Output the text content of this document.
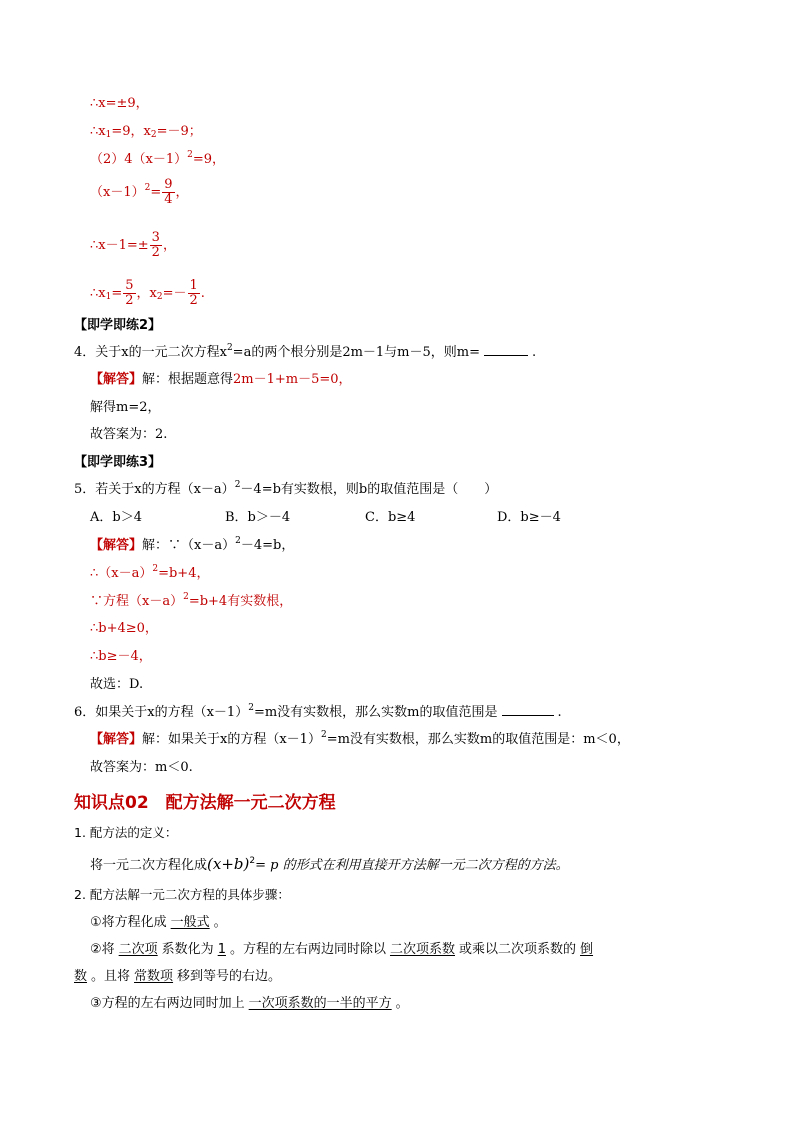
∴x=±9，
$\therefore x_1=9$，$x_2=-9$；
$(2)4(x-1)^2=9$，
$(x-1)^2= \frac{9}{4}$ ，
∴x－1=± $\frac{3}{2}$ ，
$\therefore x_1= \frac{5}{2}$ ，$x_2=- \frac{1}{2}$ .
【即学即练2】
4．关于x的一元二次方程$x^2=a$的两个根分别是2m－1与m－5，则m=	.
【解答】解：根据题意得2m－1+m－5=0，
解得m=2，
故答案为：2.
【即学即练3】
5．若关于x的方程$(x-a)^2-4=b$有实数根，则b的取值范围是（　　）
A．b＞4	B．b＞－4	C．b≥4	D．b≥－4
【解答】解：$\because(x-a)^2-4=b$，
$\therefore(x-a)^2=b+4$，
∵方程$(x-a)^2=b+4$有实数根，
∴b+4≥0，
∴b≥－4，
故选：D.
6．如果关于x的方程$(x-1)^2=m$没有实数根，那么实数m的取值范围是	.
【解答】解：如果关于x的方程$(x-1)^2=m$没有实数根，那么实数m的取值范围是：m＜0，
故答案为：m＜0.
知识点02　配方法解一元二次方程
1. 配方法的定义：
将一元二次方程化成$(x+b)^2= p$ 的形式在利用直接开方法解一元二次方程的方法。
2. 配方法解一元二次方程的具体步骤：
①将方程化成 一般式 。
②将 二次项 系数化为 1 。方程的左右两边同时除以 二次项系数 或乘以二次项系数的 倒
数 。且将 常数项 移到等号的右边。
③方程的左右两边同时加上 一次项系数的一半的平方 。
